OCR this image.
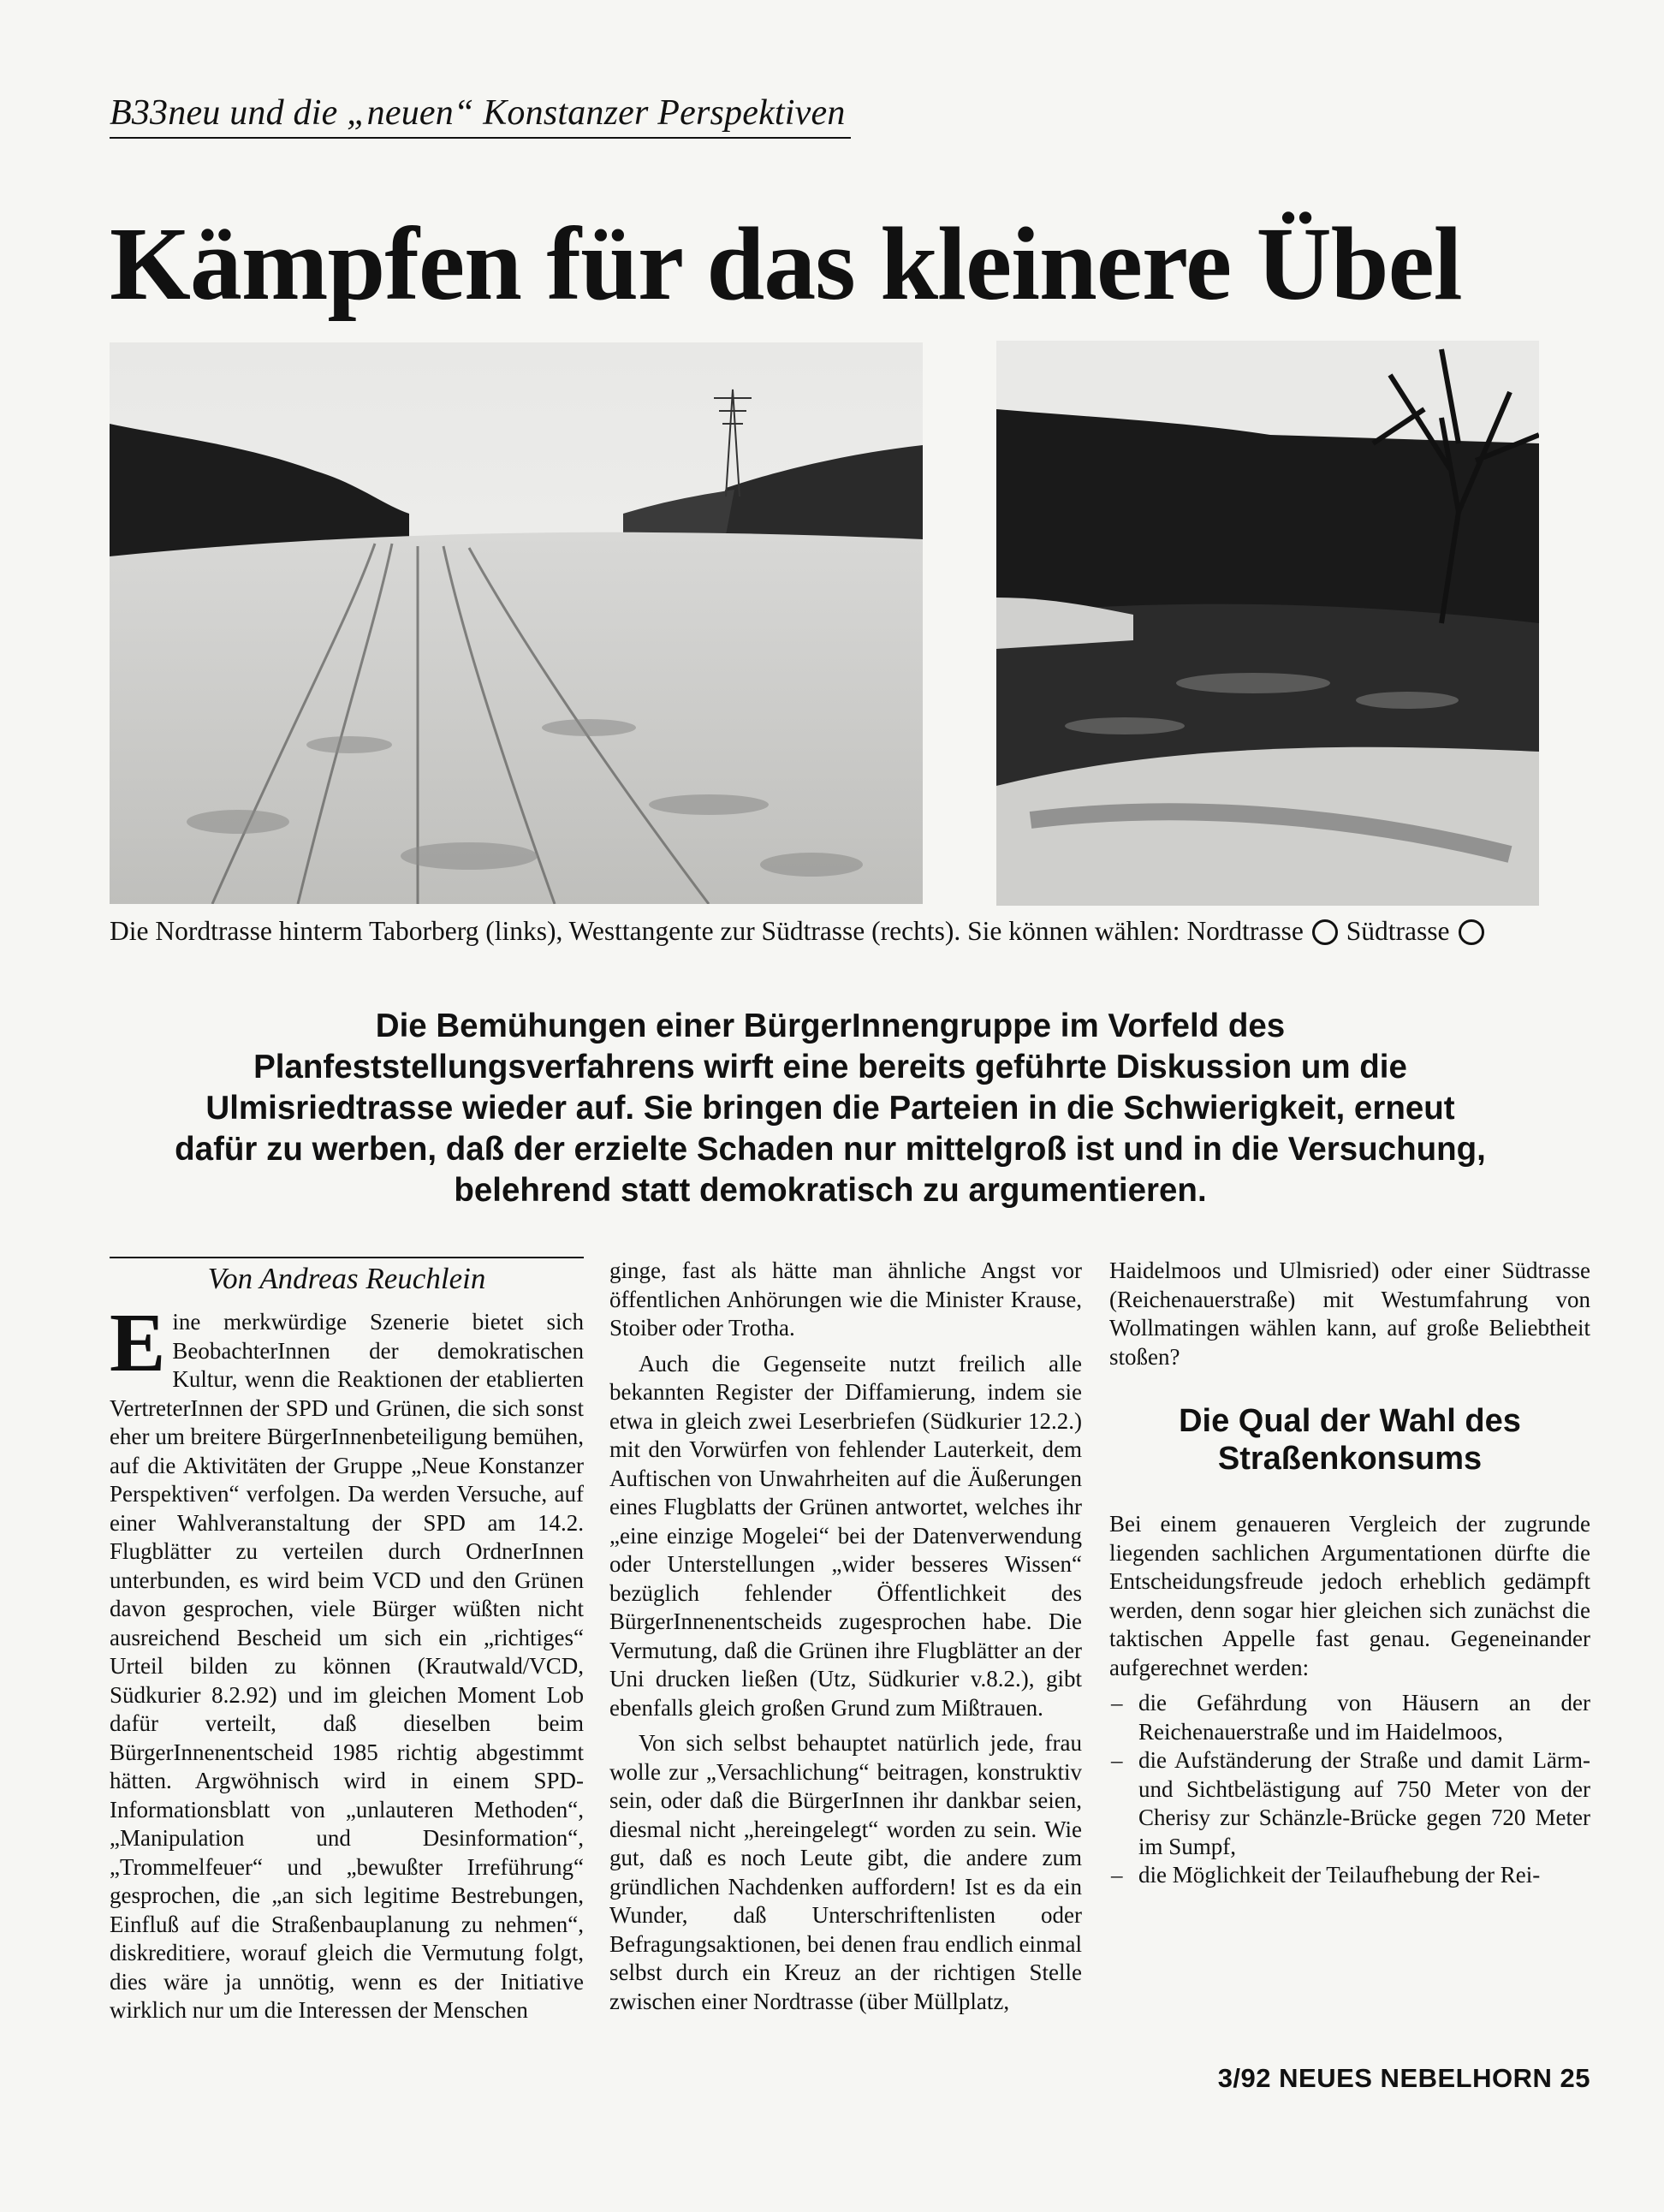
B33neu und die „neuen“ Konstanzer Perspektiven
Kämpfen für das kleinere Übel
Die Nordtrasse hinterm Taborberg (links), Westtangente zur Südtrasse (rechts). Sie können wählen: Nordtrasse Südtrasse

Die Bemühungen einer BürgerInnengruppe im Vorfeld des Planfeststellungsverfahrens wirft eine bereits geführte Diskussion um die Ulmisriedtrasse wieder auf. Sie bringen die Parteien in die Schwierigkeit, erneut dafür zu werben, daß der erzielte Schaden nur mittelgroß ist und in die Versuchung, belehrend statt demokratisch zu argumentieren.

Von Andreas Reuchlein

Eine merkwürdige Szenerie bietet sich BeobachterInnen der demokratischen Kultur, wenn die Reaktionen der etablierten VertreterInnen der SPD und Grünen, die sich sonst eher um breitere BürgerInnenbeteiligung bemühen, auf die Aktivitäten der Gruppe „Neue Konstanzer Perspektiven“ verfolgen. Da werden Versuche, auf einer Wahlveranstaltung der SPD am 14.2. Flugblätter zu verteilen durch OrdnerInnen unterbunden, es wird beim VCD und den Grünen davon gesprochen, viele Bürger wüßten nicht ausreichend Bescheid um sich ein „richtiges“ Urteil bilden zu können (Krautwald/VCD, Südkurier 8.2.92) und im gleichen Moment Lob dafür verteilt, daß dieselben beim BürgerInnenentscheid 1985 richtig abgestimmt hätten. Argwöhnisch wird in einem SPD-Informationsblatt von „unlauteren Methoden“, „Manipulation und Desinformation“, „Trommelfeuer“ und „bewußter Irreführung“ gesprochen, die „an sich legitime Bestrebungen, Einfluß auf die Straßenbauplanung zu nehmen“, diskreditiere, worauf gleich die Vermutung folgt, dies wäre ja unnötig, wenn es der Initiative wirklich nur um die Interessen der Menschen

ginge, fast als hätte man ähnliche Angst vor öffentlichen Anhörungen wie die Minister Krause, Stoiber oder Trotha.

Auch die Gegenseite nutzt freilich alle bekannten Register der Diffamierung, indem sie etwa in gleich zwei Leserbriefen (Südkurier 12.2.) mit den Vorwürfen von fehlender Lauterkeit, dem Auftischen von Unwahrheiten auf die Äußerungen eines Flugblatts der Grünen antwortet, welches ihr „eine einzige Mogelei“ bei der Datenverwendung oder Unterstellungen „wider besseres Wissen“ bezüglich fehlender Öffentlichkeit des BürgerInnenentscheids zugesprochen habe. Die Vermutung, daß die Grünen ihre Flugblätter an der Uni drucken ließen (Utz, Südkurier v.8.2.), gibt ebenfalls gleich großen Grund zum Mißtrauen.

Von sich selbst behauptet natürlich jede, frau wolle zur „Versachlichung“ beitragen, konstruktiv sein, oder daß die BürgerInnen ihr dankbar seien, diesmal nicht „hereingelegt“ worden zu sein. Wie gut, daß es noch Leute gibt, die andere zum gründlichen Nachdenken auffordern! Ist es da ein Wunder, daß Unterschriftenlisten oder Befragungsaktionen, bei denen frau endlich einmal selbst durch ein Kreuz an der richtigen Stelle zwischen einer Nordtrasse (über Müllplatz,

Haidelmoos und Ulmisried) oder einer Südtrasse (Reichenauerstraße) mit Westumfahrung von Wollmatingen wählen kann, auf große Beliebtheit stoßen?

Die Qual der Wahl des Straßenkonsums

Bei einem genaueren Vergleich der zugrunde liegenden sachlichen Argumentationen dürfte die Entscheidungsfreude jedoch erheblich gedämpft werden, denn sogar hier gleichen sich zunächst die taktischen Appelle fast genau. Gegeneinander aufgerechnet werden:

– die Gefährdung von Häusern an der Reichenauerstraße und im Haidelmoos,
– die Aufständerung der Straße und damit Lärm- und Sichtbelästigung auf 750 Meter von der Cherisy zur Schänzle-Brücke gegen 720 Meter im Sumpf,
– die Möglichkeit der Teilaufhebung der Rei-
3/92 NEUES NEBELHORN 25
